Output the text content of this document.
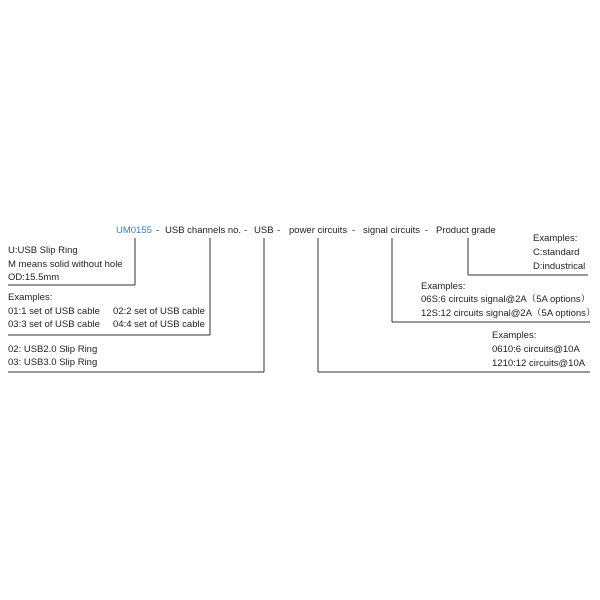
UM0155 - USB channels no. - USB - power circuits - signal circuits - Product grade
U:USB Slip Ring
M means solid without hole
OD:15.5mm
Examples:
01:1 set of USB cable 02:2 set of USB cable
03:3 set of USB cable 04:4 set of USB cable
02: USB2.0 Slip Ring
03: USB3.0 Slip Ring
Examples:
C:standard
D:industrical
Examples:
06S:6 circuits signal@2A（5A options）
12S:12 circuits signal@2A（5A options）
Examples:
0610:6 circuits@10A
1210:12 circuits@10A
